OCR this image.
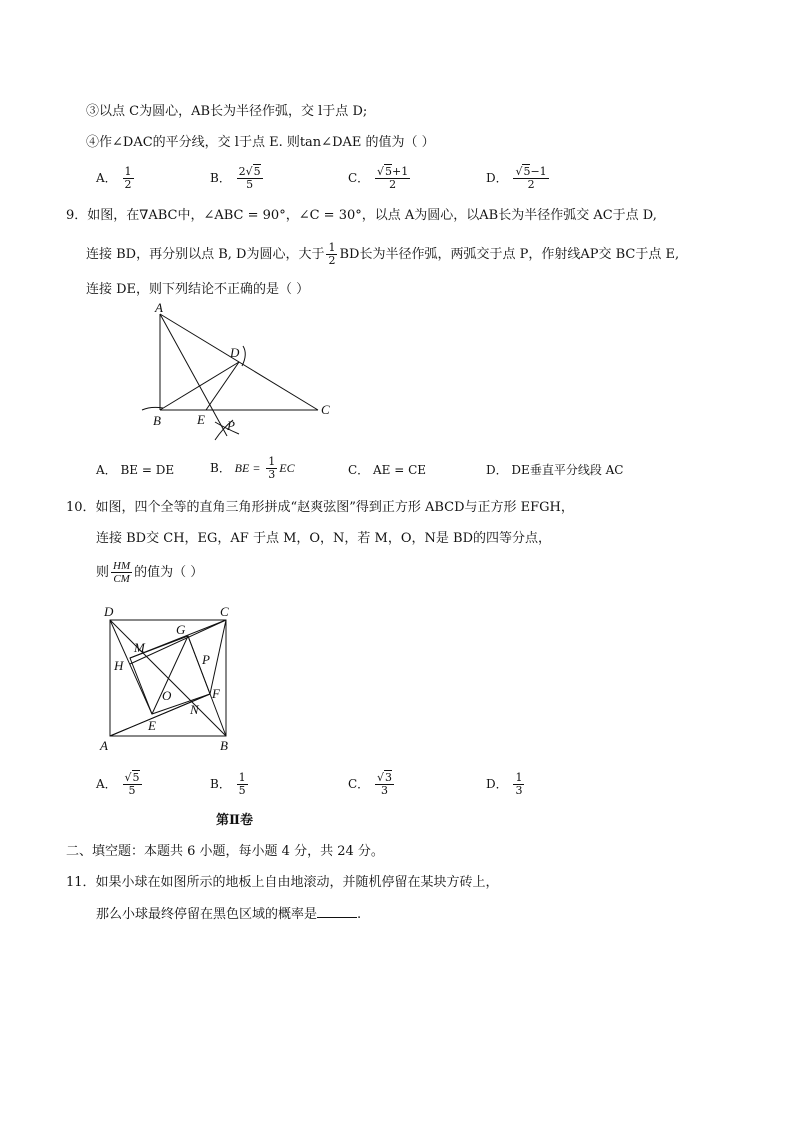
③以点 C为圆心，AB长为半径作弧，交 l于点 D;
④作∠DAC的平分线，交 l于点 E. 则tan∠DAE 的值为（ ）
A． $\frac{1}{2}$	B． $\frac{2√5}{5}$	C． $\frac{√5+1}{2}$	D． $\frac{√5-1}{2}$
9．如图，在∇ABC中，∠ABC = 90°，∠C = 30°，以点 A为圆心，以AB长为半径作弧交 AC于点 D,
连接 BD，再分别以点 B, D为圆心，大于 $\frac{1}{2}$ BD长为半径作弧，两弧交于点 P，作射线AP交 BC于点 E,
连接 DE，则下列结论不正确的是（ ）
A
B
C
D
E P
A． BE = DE	B． BE = $\frac{1}{3}$ EC	C． AE = CE	D． DE垂直平分线段 AC
10．如图，四个全等的直角三角形拼成“赵爽弦图”得到正方形 ABCD与正方形 EFGH，
连接 BD交 CH，EG，AF 于点 M，O，N，若 M，O，N是 BD的四等分点，
则 $\frac{HM}{CM}$ 的值为（ ）
D	C
A	B
G
H
M
P
O	F
N
E
A． $\frac{√5}{5}$	B． $\frac{1}{5}$	C． $\frac{√3}{3}$	D． $\frac{1}{3}$
第Ⅱ卷
二、填空题：本题共 6 小题，每小题 4 分，共 24 分。
11．如果小球在如图所示的地板上自由地滚动，并随机停留在某块方砖上，
那么小球最终停留在黑色区域的概率是	.
